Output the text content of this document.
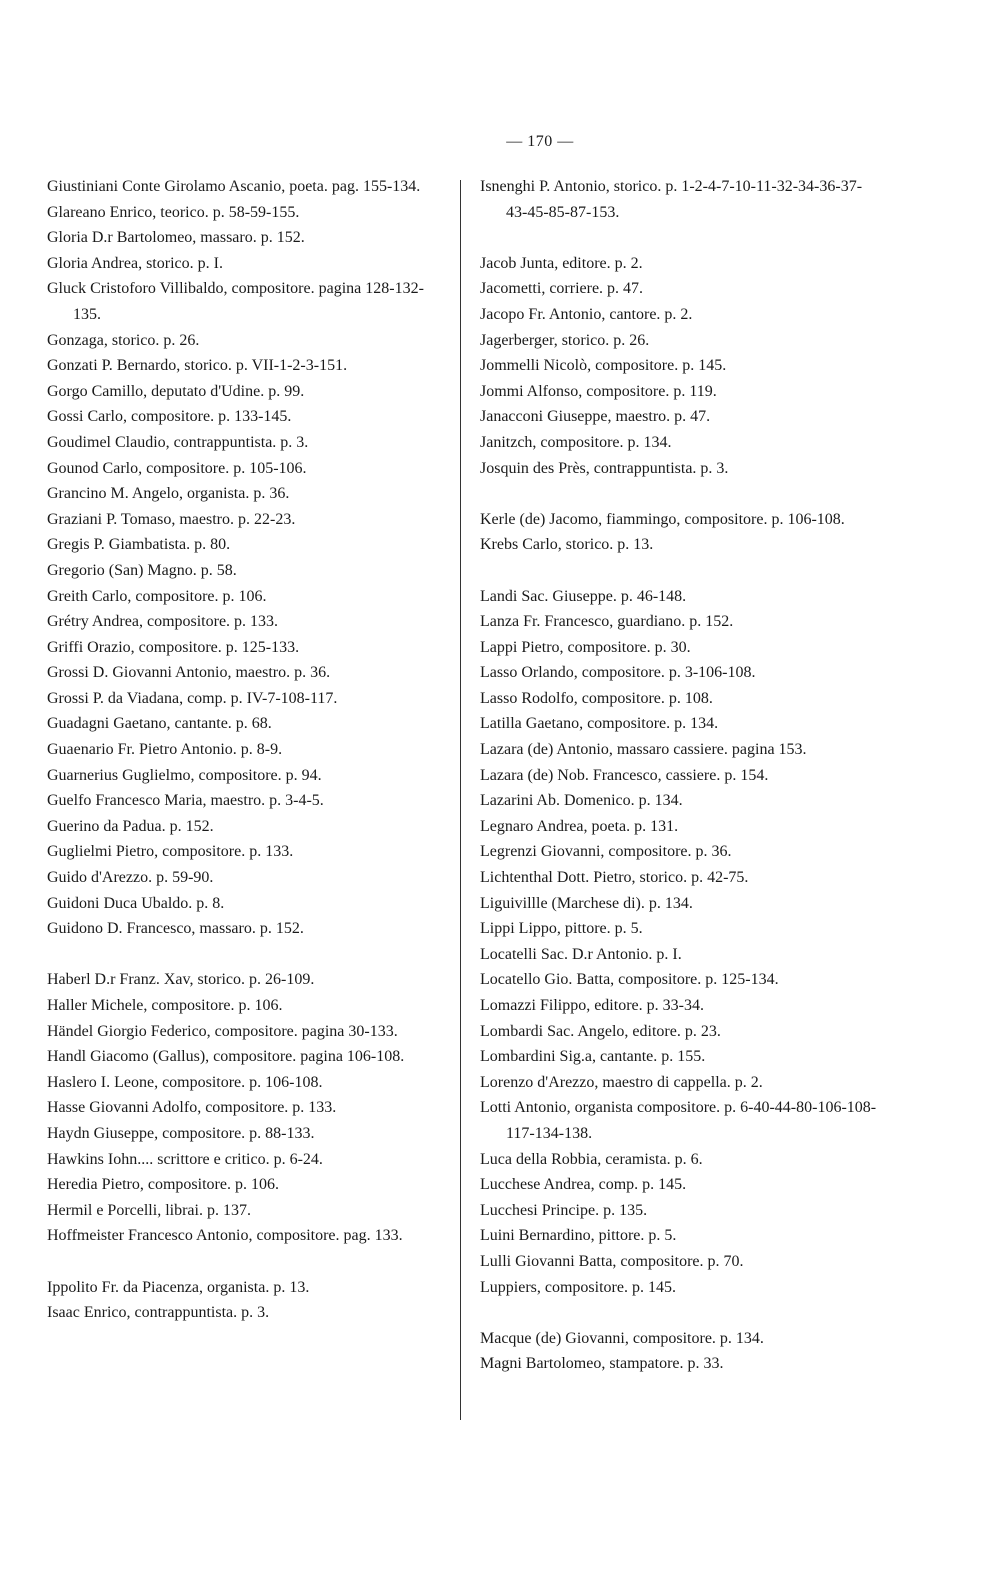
— 170 —

Giustiniani Conte Girolamo Ascanio, poeta. pag. 155-134.

Glareano Enrico, teorico. p. 58-59-155.

Gloria D.r Bartolomeo, massaro. p. 152.

Gloria Andrea, storico. p. I.

Gluck Cristoforo Villibaldo, compositore. pagina 128-132-135.

Gonzaga, storico. p. 26.

Gonzati P. Bernardo, storico. p. VII-1-2-3-151.

Gorgo Camillo, deputato d'Udine. p. 99.

Gossi Carlo, compositore. p. 133-145.

Goudimel Claudio, contrappuntista. p. 3.

Gounod Carlo, compositore. p. 105-106.

Grancino M. Angelo, organista. p. 36.

Graziani P. Tomaso, maestro. p. 22-23.

Gregis P. Giambatista. p. 80.

Gregorio (San) Magno. p. 58.

Greith Carlo, compositore. p. 106.

Grétry Andrea, compositore. p. 133.

Griffi Orazio, compositore. p. 125-133.

Grossi D. Giovanni Antonio, maestro. p. 36.

Grossi P. da Viadana, comp. p. IV-7-108-117.

Guadagni Gaetano, cantante. p. 68.

Guaenario Fr. Pietro Antonio. p. 8-9.

Guarnerius Guglielmo, compositore. p. 94.

Guelfo Francesco Maria, maestro. p. 3-4-5.

Guerino da Padua. p. 152.

Guglielmi Pietro, compositore. p. 133.

Guido d'Arezzo. p. 59-90.

Guidoni Duca Ubaldo. p. 8.

Guidono D. Francesco, massaro. p. 152.

Haberl D.r Franz. Xav, storico. p. 26-109.

Haller Michele, compositore. p. 106.

Händel Giorgio Federico, compositore. pagina 30-133.

Handl Giacomo (Gallus), compositore. pagina 106-108.

Haslero I. Leone, compositore. p. 106-108.

Hasse Giovanni Adolfo, compositore. p. 133.

Haydn Giuseppe, compositore. p. 88-133.

Hawkins Iohn.... scrittore e critico. p. 6-24.

Heredia Pietro, compositore. p. 106.

Hermil e Porcelli, librai. p. 137.

Hoffmeister Francesco Antonio, compositore. pag. 133.

Ippolito Fr. da Piacenza, organista. p. 13.

Isaac Enrico, contrappuntista. p. 3.

Isnenghi P. Antonio, storico. p. 1-2-4-7-10-11-32-34-36-37-43-45-85-87-153.

Jacob Junta, editore. p. 2.

Jacometti, corriere. p. 47.

Jacopo Fr. Antonio, cantore. p. 2.

Jagerberger, storico. p. 26.

Jommelli Nicolò, compositore. p. 145.

Jommi Alfonso, compositore. p. 119.

Janacconi Giuseppe, maestro. p. 47.

Janitzch, compositore. p. 134.

Josquin des Près, contrappuntista. p. 3.

Kerle (de) Jacomo, fiammingo, compositore. p. 106-108.

Krebs Carlo, storico. p. 13.

Landi Sac. Giuseppe. p. 46-148.

Lanza Fr. Francesco, guardiano. p. 152.

Lappi Pietro, compositore. p. 30.

Lasso Orlando, compositore. p. 3-106-108.

Lasso Rodolfo, compositore. p. 108.

Latilla Gaetano, compositore. p. 134.

Lazara (de) Antonio, massaro cassiere. pagina 153.

Lazara (de) Nob. Francesco, cassiere. p. 154.

Lazarini Ab. Domenico. p. 134.

Legnaro Andrea, poeta. p. 131.

Legrenzi Giovanni, compositore. p. 36.

Lichtenthal Dott. Pietro, storico. p. 42-75.

Liguivillle (Marchese di). p. 134.

Lippi Lippo, pittore. p. 5.

Locatelli Sac. D.r Antonio. p. I.

Locatello Gio. Batta, compositore. p. 125-134.

Lomazzi Filippo, editore. p. 33-34.

Lombardi Sac. Angelo, editore. p. 23.

Lombardini Sig.a, cantante. p. 155.

Lorenzo d'Arezzo, maestro di cappella. p. 2.

Lotti Antonio, organista compositore. p. 6-40-44-80-106-108-117-134-138.

Luca della Robbia, ceramista. p. 6.

Lucchese Andrea, comp. p. 145.

Lucchesi Principe. p. 135.

Luini Bernardino, pittore. p. 5.

Lulli Giovanni Batta, compositore. p. 70.

Luppiers, compositore. p. 145.

Macque (de) Giovanni, compositore. p. 134.

Magni Bartolomeo, stampatore. p. 33.
